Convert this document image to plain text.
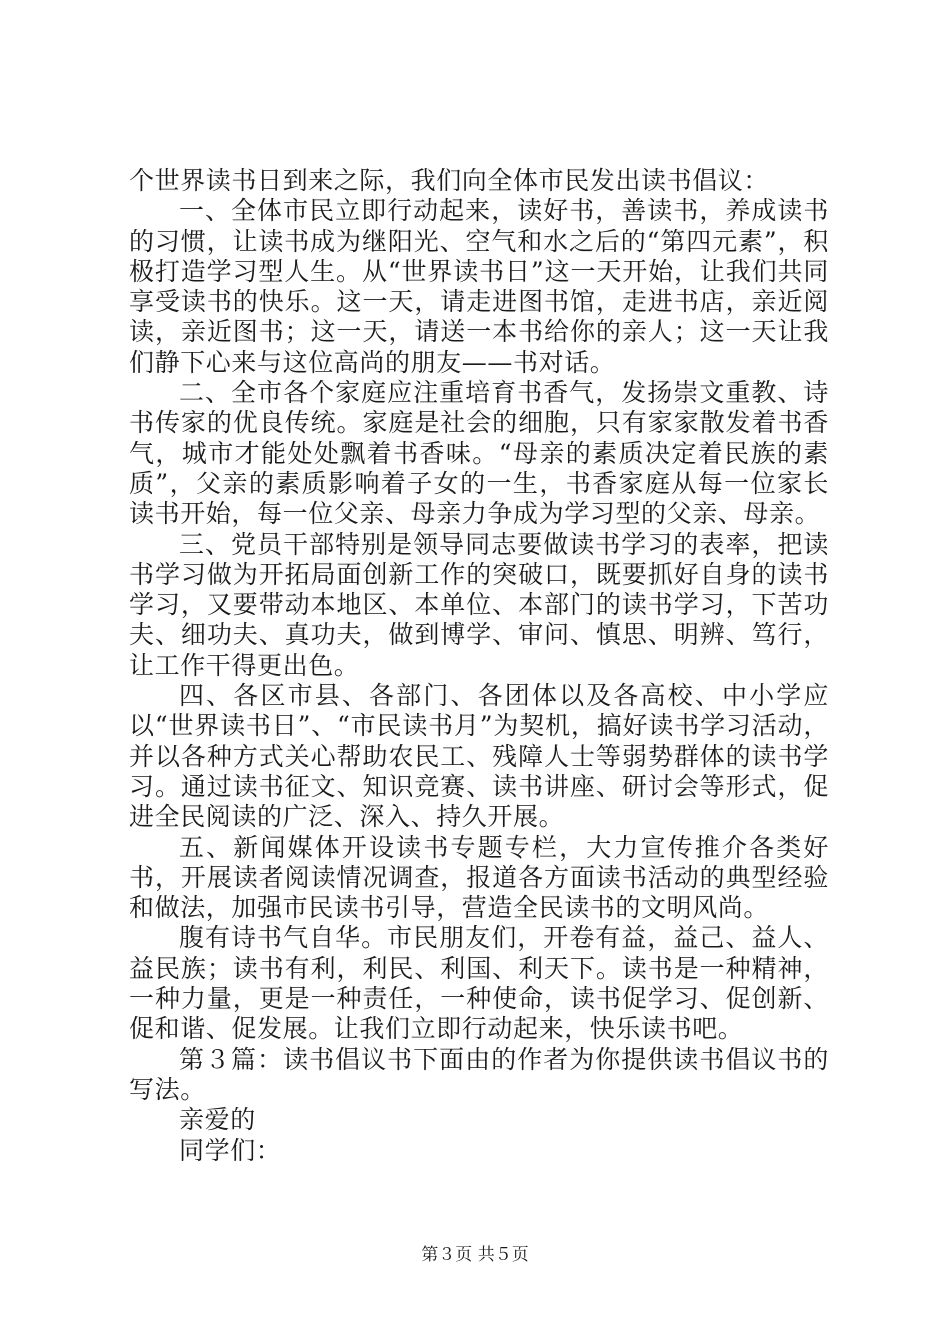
个世界读书日到来之际，我们向全体市民发出读书倡议：

一、全体市民立即行动起来，读好书，善读书，养成读书的习惯，让读书成为继阳光、空气和水之后的“第四元素”，积极打造学习型人生。从“世界读书日”这一天开始，让我们共同享受读书的快乐。这一天，请走进图书馆，走进书店，亲近阅读，亲近图书；这一天，请送一本书给你的亲人；这一天让我们静下心来与这位高尚的朋友——书对话。

二、全市各个家庭应注重培育书香气，发扬崇文重教、诗书传家的优良传统。家庭是社会的细胞，只有家家散发着书香气，城市才能处处飘着书香味。“母亲的素质决定着民族的素质”，父亲的素质影响着子女的一生，书香家庭从每一位家长读书开始，每一位父亲、母亲力争成为学习型的父亲、母亲。

三、党员干部特别是领导同志要做读书学习的表率，把读书学习做为开拓局面创新工作的突破口，既要抓好自身的读书学习，又要带动本地区、本单位、本部门的读书学习，下苦功夫、细功夫、真功夫，做到博学、审问、慎思、明辨、笃行，让工作干得更出色。

四、各区市县、各部门、各团体以及各高校、中小学应以“世界读书日”、“市民读书月”为契机，搞好读书学习活动，并以各种方式关心帮助农民工、残障人士等弱势群体的读书学习。通过读书征文、知识竞赛、读书讲座、研讨会等形式，促进全民阅读的广泛、深入、持久开展。

五、新闻媒体开设读书专题专栏，大力宣传推介各类好书，开展读者阅读情况调查，报道各方面读书活动的典型经验和做法，加强市民读书引导，营造全民读书的文明风尚。

腹有诗书气自华。市民朋友们，开卷有益，益己、益人、益民族；读书有利，利民、利国、利天下。读书是一种精神，一种力量，更是一种责任，一种使命，读书促学习、促创新、促和谐、促发展。让我们立即行动起来，快乐读书吧。

第３篇：读书倡议书下面由的作者为你提供读书倡议书的写法。

亲爱的

同学们：

第３页 共５页
